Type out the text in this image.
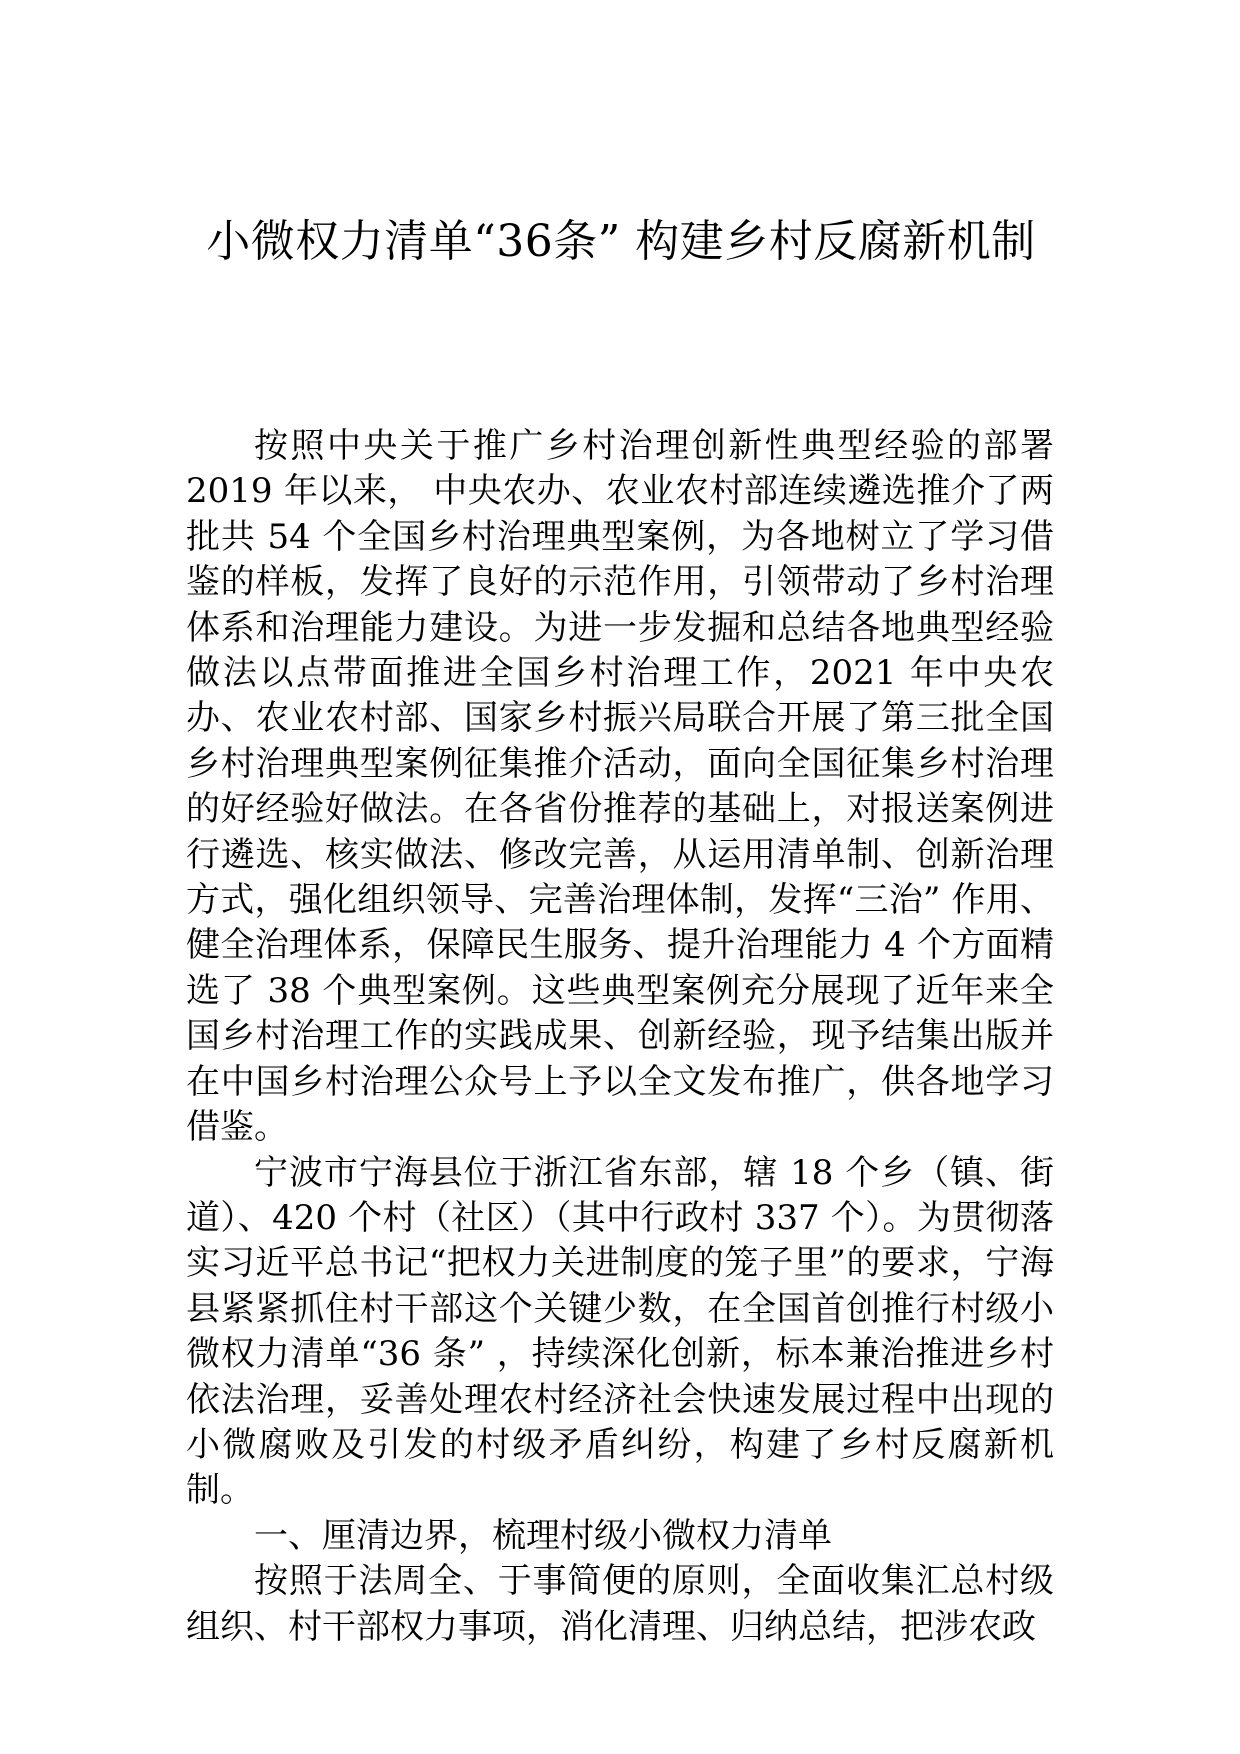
小微权力清单“36条” 构建乡村反腐新机制

按照中央关于推广乡村治理创新性典型经验的部署 2019 年以来， 中央农办、农业农村部连续遴选推介了两批共 54 个全国乡村治理典型案例，为各地树立了学习借鉴的样板，发挥了良好的示范作用，引领带动了乡村治理体系和治理能力建设。为进一步发掘和总结各地典型经验做法以点带面推进全国乡村治理工作，2021 年中央农办、农业农村部、国家乡村振兴局联合开展了第三批全国乡村治理典型案例征集推介活动，面向全国征集乡村治理的好经验好做法。在各省份推荐的基础上，对报送案例进行遴选、核实做法、修改完善，从运用清单制、创新治理方式，强化组织领导、完善治理体制，发挥“三治” 作用、健全治理体系，保障民生服务、提升治理能力 4 个方面精选了 38 个典型案例。这些典型案例充分展现了近年来全国乡村治理工作的实践成果、创新经验，现予结集出版并在中国乡村治理公众号上予以全文发布推广，供各地学习借鉴。

宁波市宁海县位于浙江省东部，辖 18 个乡（镇、街道）、420 个村（社区）（其中行政村 337 个）。为贯彻落实习近平总书记“把权力关进制度的笼子里”的要求，宁海县紧紧抓住村干部这个关键少数，在全国首创推行村级小微权力清单“36 条” ，持续深化创新，标本兼治推进乡村依法治理，妥善处理农村经济社会快速发展过程中出现的小微腐败及引发的村级矛盾纠纷，构建了乡村反腐新机制。

一、厘清边界，梳理村级小微权力清单

按照于法周全、于事简便的原则，全面收集汇总村级组织、村干部权力事项，消化清理、归纳总结，把涉农政
